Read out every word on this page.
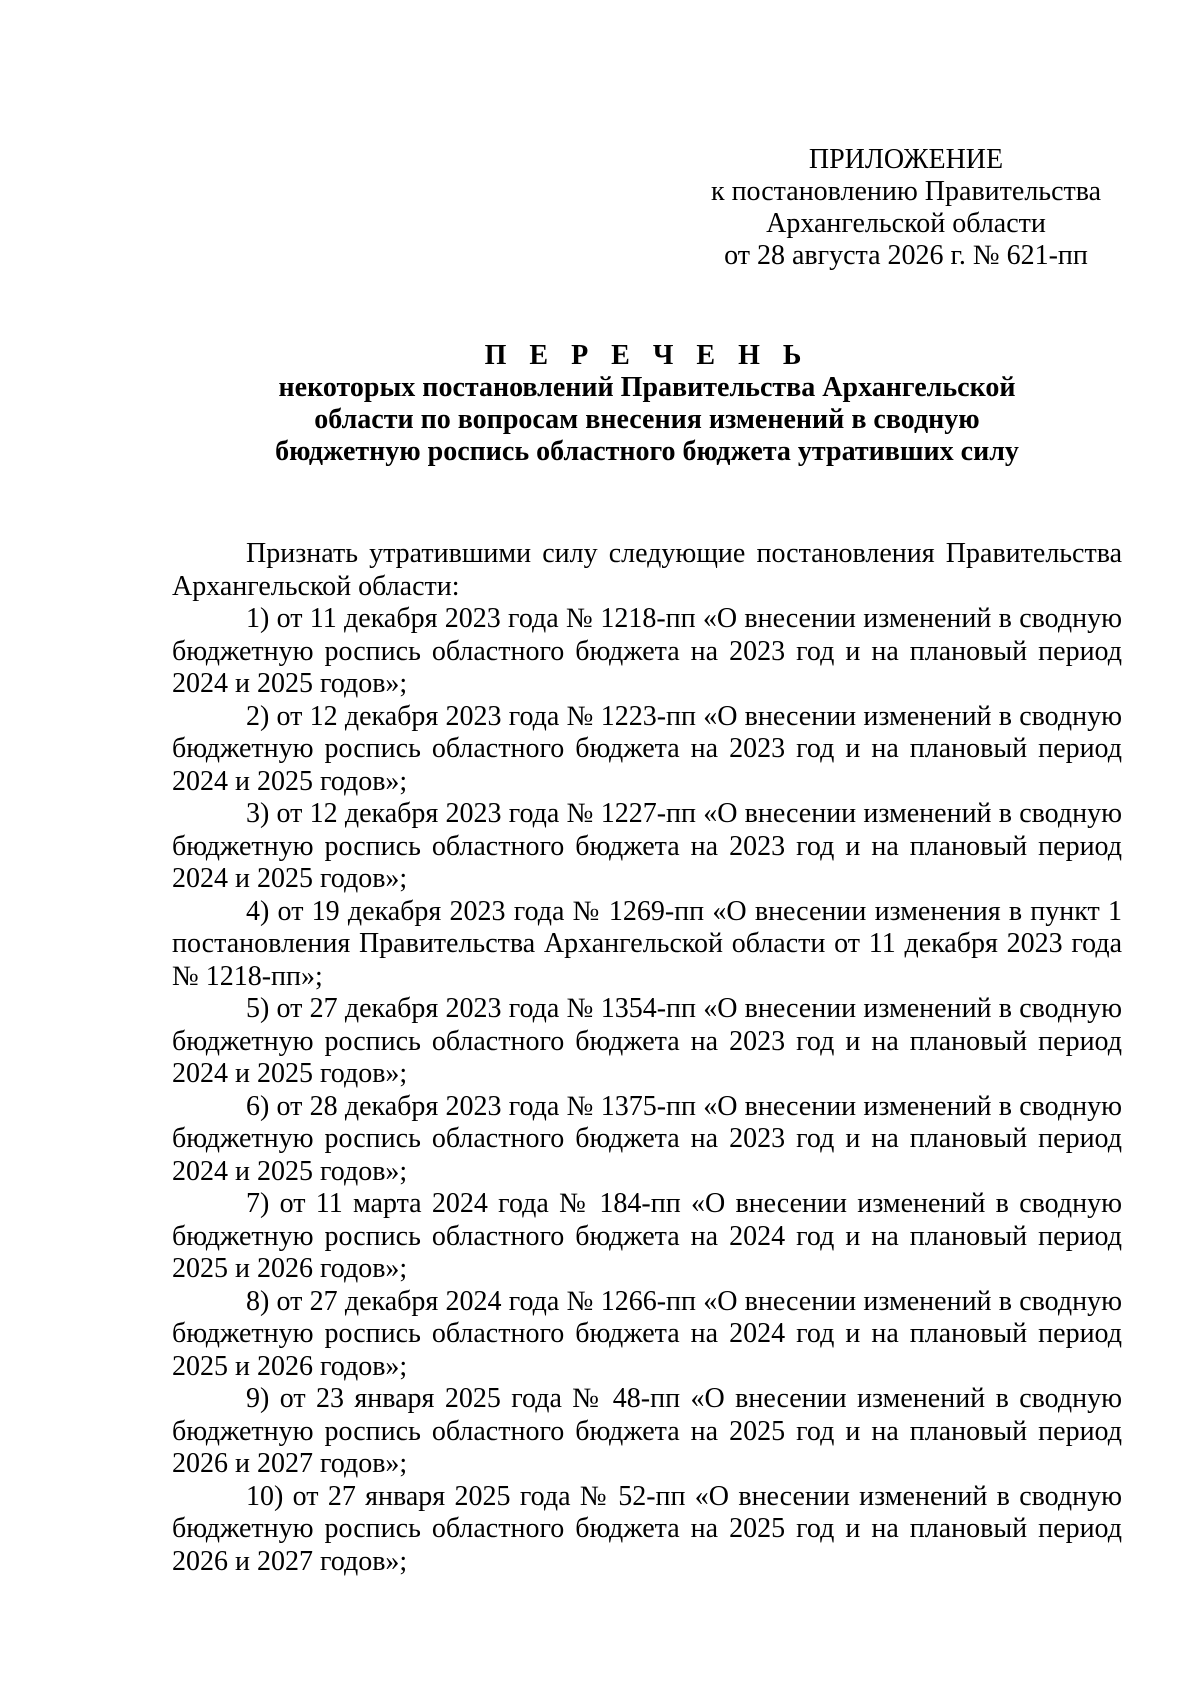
ПРИЛОЖЕНИЕ
к постановлению Правительства
Архангельской области
от 28 августа 2026 г. № 621-пп
П Е Р Е Ч Е Н Ь
некоторых постановлений Правительства Архангельской
области по вопросам внесения изменений в сводную
бюджетную роспись областного бюджета утративших силу

Признать утратившими силу следующие постановления Правительства Архангельской области:

1) от 11 декабря 2023 года № 1218-пп «О внесении изменений в сводную бюджетную роспись областного бюджета на 2023 год и на плановый период 2024 и 2025 годов»;

2) от 12 декабря 2023 года № 1223-пп «О внесении изменений в сводную бюджетную роспись областного бюджета на 2023 год и на плановый период 2024 и 2025 годов»;

3) от 12 декабря 2023 года № 1227-пп «О внесении изменений в сводную бюджетную роспись областного бюджета на 2023 год и на плановый период 2024 и 2025 годов»;

4) от 19 декабря 2023 года № 1269-пп «О внесении изменения в пункт 1 постановления Правительства Архангельской области от 11 декабря 2023 года № 1218-пп»;

5) от 27 декабря 2023 года № 1354-пп «О внесении изменений в сводную бюджетную роспись областного бюджета на 2023 год и на плановый период 2024 и 2025 годов»;

6) от 28 декабря 2023 года № 1375-пп «О внесении изменений в сводную бюджетную роспись областного бюджета на 2023 год и на плановый период 2024 и 2025 годов»;

7) от 11 марта 2024 года № 184-пп «О внесении изменений в сводную бюджетную роспись областного бюджета на 2024 год и на плановый период 2025 и 2026 годов»;

8) от 27 декабря 2024 года № 1266-пп «О внесении изменений в сводную бюджетную роспись областного бюджета на 2024 год и на плановый период 2025 и 2026 годов»;

9) от 23 января 2025 года № 48-пп «О внесении изменений в сводную бюджетную роспись областного бюджета на 2025 год и на плановый период 2026 и 2027 годов»;

10) от 27 января 2025 года № 52-пп «О внесении изменений в сводную бюджетную роспись областного бюджета на 2025 год и на плановый период 2026 и 2027 годов»;
